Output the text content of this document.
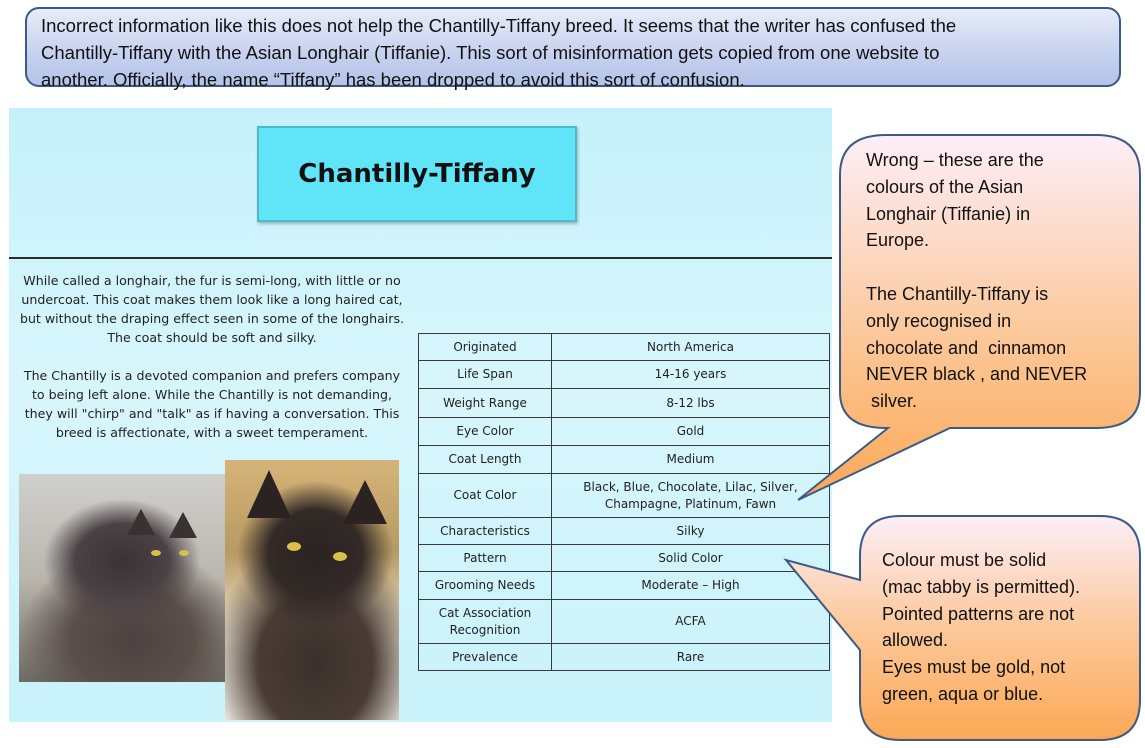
Incorrect information like this does not help the Chantilly-Tiffany breed. It seems that the writer has confused the
Chantilly-Tiffany with the Asian Longhair (Tiffanie). This sort of misinformation gets copied from one website to
another. Officially, the name “Tiffany” has been dropped to avoid this sort of confusion.
Chantilly-Tiffany

While called a longhair, the fur is semi-long, with little or no
undercoat. This coat makes them look like a long haired cat,
but without the draping effect seen in some of the longhairs.
The coat should be soft and silky.

The Chantilly is a devoted companion and prefers company
to being left alone. While the Chantilly is not demanding,
they will "chirp" and "talk" as if having a conversation. This
breed is affectionate, with a sweet temperament.

Originated	North America
Life Span	14-16 years
Weight Range	8-12 lbs
Eye Color	Gold
Coat Length	Medium
Coat Color	Black, Blue, Chocolate, Lilac, Silver,
Champagne, Platinum, Fawn
Characteristics	Silky
Pattern	Solid Color
Grooming Needs	Moderate – High
Cat Association
Recognition	ACFA
Prevalence	Rare
Wrong – these are the
colours of the Asian
Longhair (Tiffanie) in
Europe.
The Chantilly-Tiffany is
only recognised in
chocolate and  cinnamon
NEVER black , and NEVER
silver.
Colour must be solid
(mac tabby is permitted).
Pointed patterns are not
allowed.
Eyes must be gold, not
green, aqua or blue.
